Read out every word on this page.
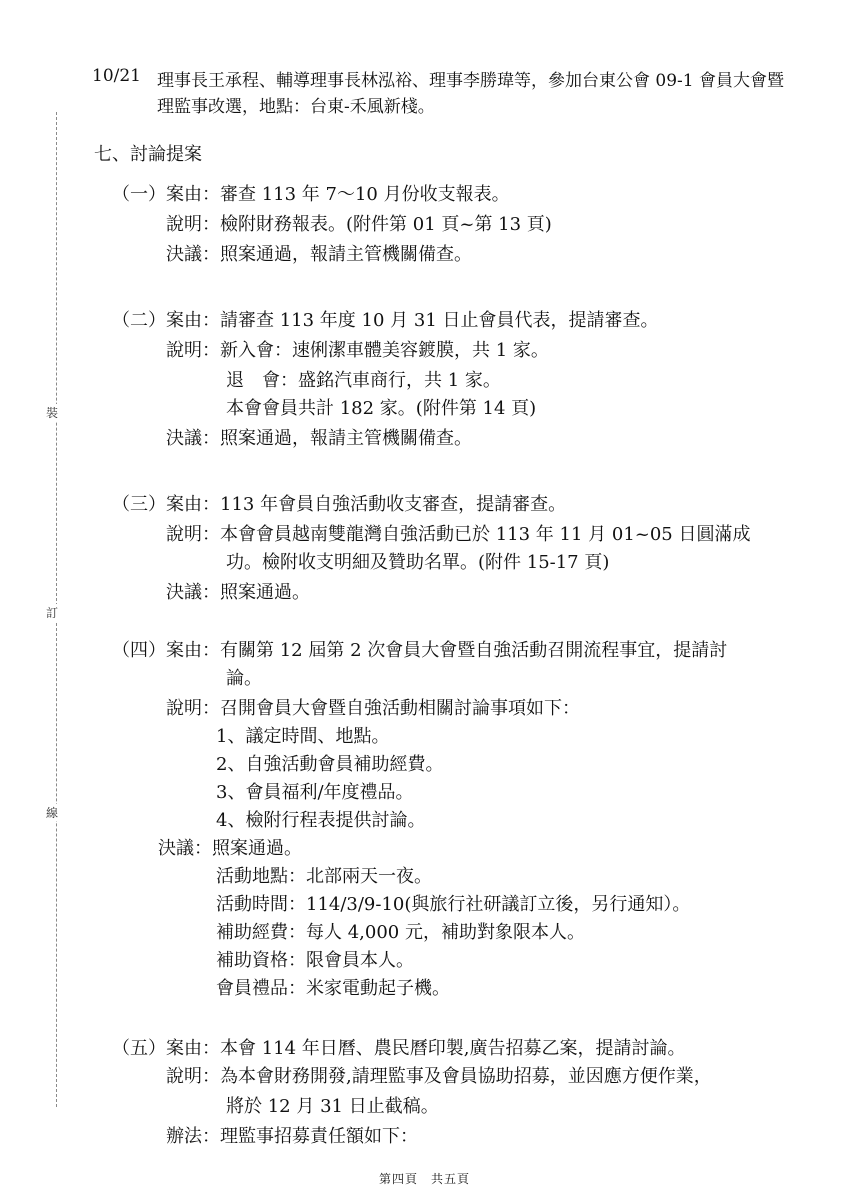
裝
訂
線
10/21 理事長王承程、輔導理事長林泓裕、理事李勝瑋等，參加台東公會 09-1 會員大會暨
理監事改選，地點：台東-禾風新棧。
七、討論提案
（一） 案由：審查 113 年 7～10 月份收支報表。
說明：檢附財務報表。(附件第 01 頁~第 13 頁)
決議：照案通過，報請主管機關備查。
（二） 案由：請審查 113 年度 10 月 31 日止會員代表，提請審查。
說明：新入會：速俐潔車體美容鍍膜，共 1 家。
退　會：盛銘汽車商行，共 1 家。
本會會員共計 182 家。(附件第 14 頁)
決議：照案通過，報請主管機關備查。
（三） 案由：113 年會員自強活動收支審查，提請審查。
說明：本會會員越南雙龍灣自強活動已於 113 年 11 月 01~05 日圓滿成
功。檢附收支明細及贊助名單。(附件 15-17 頁)
決議：照案通過。
（四） 案由：有關第 12 屆第 2 次會員大會暨自強活動召開流程事宜，提請討
論。
說明：召開會員大會暨自強活動相關討論事項如下：
1、議定時間、地點。
2、自強活動會員補助經費。
3、會員福利/年度禮品。
4、檢附行程表提供討論。
決議：照案通過。
活動地點：北部兩天一夜。
活動時間：114/3/9-10(與旅行社研議訂立後，另行通知）。
補助經費：每人 4,000 元，補助對象限本人。
補助資格：限會員本人。
會員禮品：米家電動起子機。
（五） 案由：本會 114 年日曆、農民曆印製,廣告招募乙案，提請討論。
說明：為本會財務開發,請理監事及會員協助招募，並因應方便作業，
將於 12 月 31 日止截稿。
辦法：理監事招募責任額如下：
第四頁　共五頁
